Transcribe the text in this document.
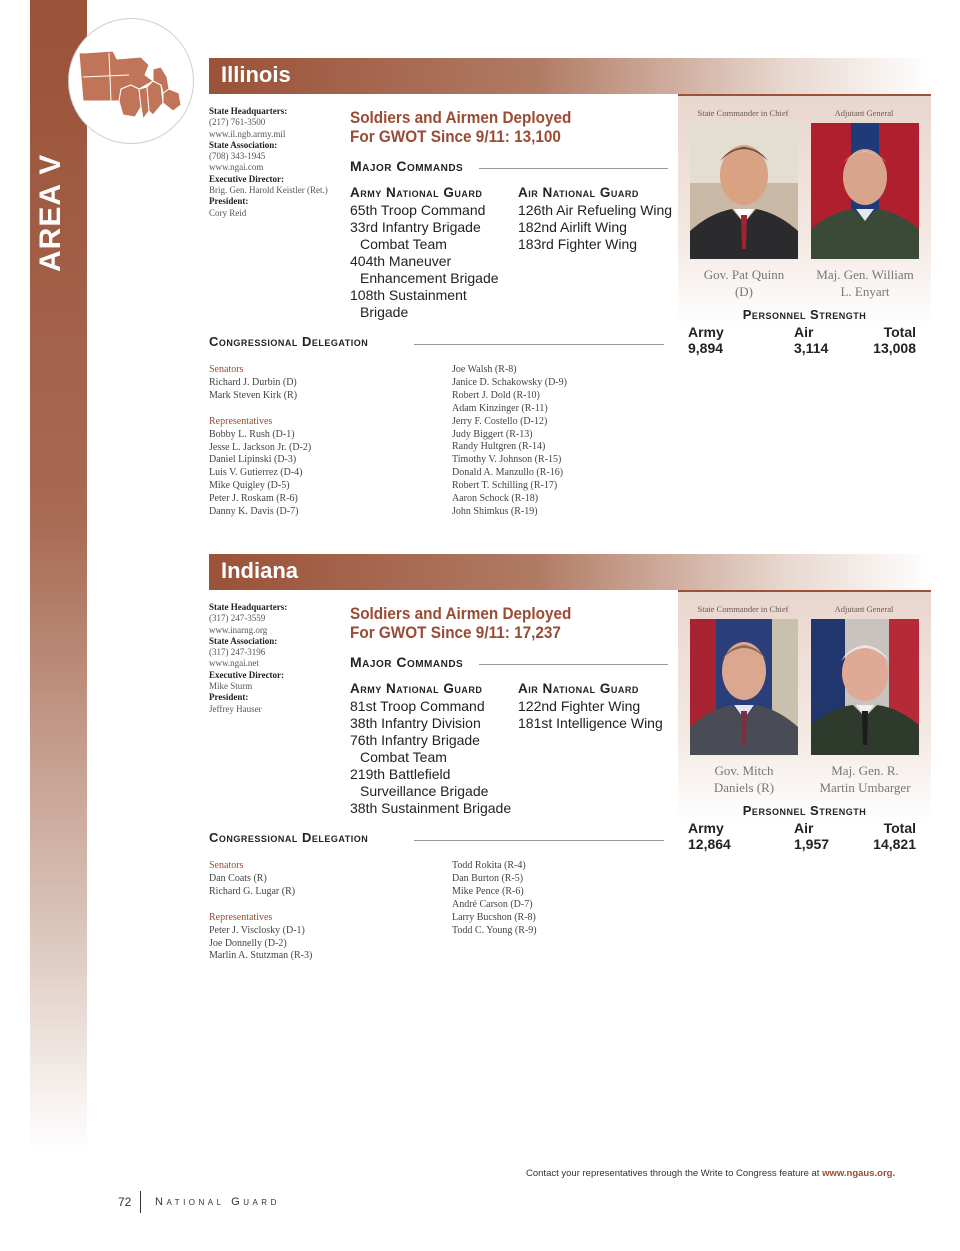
AREA V
Illinois
State Headquarters:
(217) 761-3500
www.il.ngb.army.mil
State Association:
(708) 343-1945
www.ngai.com
Executive Director:
Brig. Gen. Harold Keistler (Ret.)
President:
Cory Reid
Soldiers and Airmen Deployed
For GWOT Since 9/11: 13,100
Major Commands
Army National Guard
65th Troop Command
33rd Infantry Brigade Combat Team
404th Maneuver Enhancement Brigade
108th Sustainment Brigade
Air National Guard
126th Air Refueling Wing
182nd Airlift Wing
183rd Fighter Wing
Congressional Delegation
Senators
Richard J. Durbin (D)
Mark Steven Kirk (R)
Representatives
Bobby L. Rush (D-1)
Jesse L. Jackson Jr. (D-2)
Daniel Lipinski (D-3)
Luis V. Gutierrez (D-4)
Mike Quigley (D-5)
Peter J. Roskam (R-6)
Danny K. Davis (D-7)
Joe Walsh (R-8)
Janice D. Schakowsky (D-9)
Robert J. Dold (R-10)
Adam Kinzinger (R-11)
Jerry F. Costello (D-12)
Judy Biggert (R-13)
Randy Hultgren (R-14)
Timothy V. Johnson (R-15)
Donald A. Manzullo (R-16)
Robert T. Schilling (R-17)
Aaron Schock (R-18)
John Shimkus (R-19)
State Commander in Chief	Adjutant General
Gov. Pat Quinn
(D)
Maj. Gen. William
L. Enyart
Personnel Strength
Army
9,894
Air
3,114
Total
13,008
Indiana
State Headquarters:
(317) 247-3559
www.inarng.org
State Association:
(317) 247-3196
www.ngai.net
Executive Director:
Mike Sturm
President:
Jeffrey Hauser
Soldiers and Airmen Deployed
For GWOT Since 9/11: 17,237
Major Commands
Army National Guard
81st Troop Command
38th Infantry Division
76th Infantry Brigade Combat Team
219th Battlefield Surveillance Brigade
38th Sustainment Brigade
Air National Guard
122nd Fighter Wing
181st Intelligence Wing
Congressional Delegation
Senators
Dan Coats (R)
Richard G. Lugar (R)
Representatives
Peter J. Visclosky (D-1)
Joe Donnelly (D-2)
Marlin A. Stutzman (R-3)
Todd Rokita (R-4)
Dan Burton (R-5)
Mike Pence (R-6)
André Carson (D-7)
Larry Bucshon (R-8)
Todd C. Young (R-9)
State Commander in Chief	Adjutant General
Gov. Mitch
Daniels (R)
Maj. Gen. R.
Martin Umbarger
Personnel Strength
Army
12,864
Air
1,957
Total
14,821
Contact your representatives through the Write to Congress feature at www.ngaus.org.
72 National Guard
